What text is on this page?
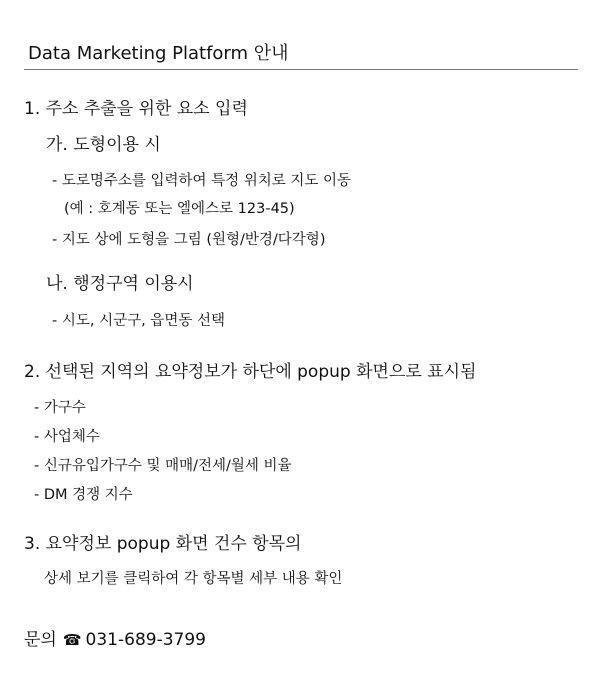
Data Marketing Platform 안내
1. 주소 추출을 위한 요소 입력
가. 도형이용 시
- 도로명주소를 입력하여 특정 위치로 지도 이동
(예 : 호계동 또는 엘에스로 123-45)
- 지도 상에 도형을 그림 (원형/반경/다각형)
나. 행정구역 이용시
- 시도, 시군구, 읍면동 선택
2. 선택된 지역의 요약정보가 하단에 popup 화면으로 표시됨
- 가구수
- 사업체수
- 신규유입가구수 및 매매/전세/월세 비율
- DM 경쟁 지수
3. 요약정보 popup 화면 건수 항목의
상세 보기를 클릭하여 각 항목별 세부 내용 확인
문의 ☎ 031-689-3799
